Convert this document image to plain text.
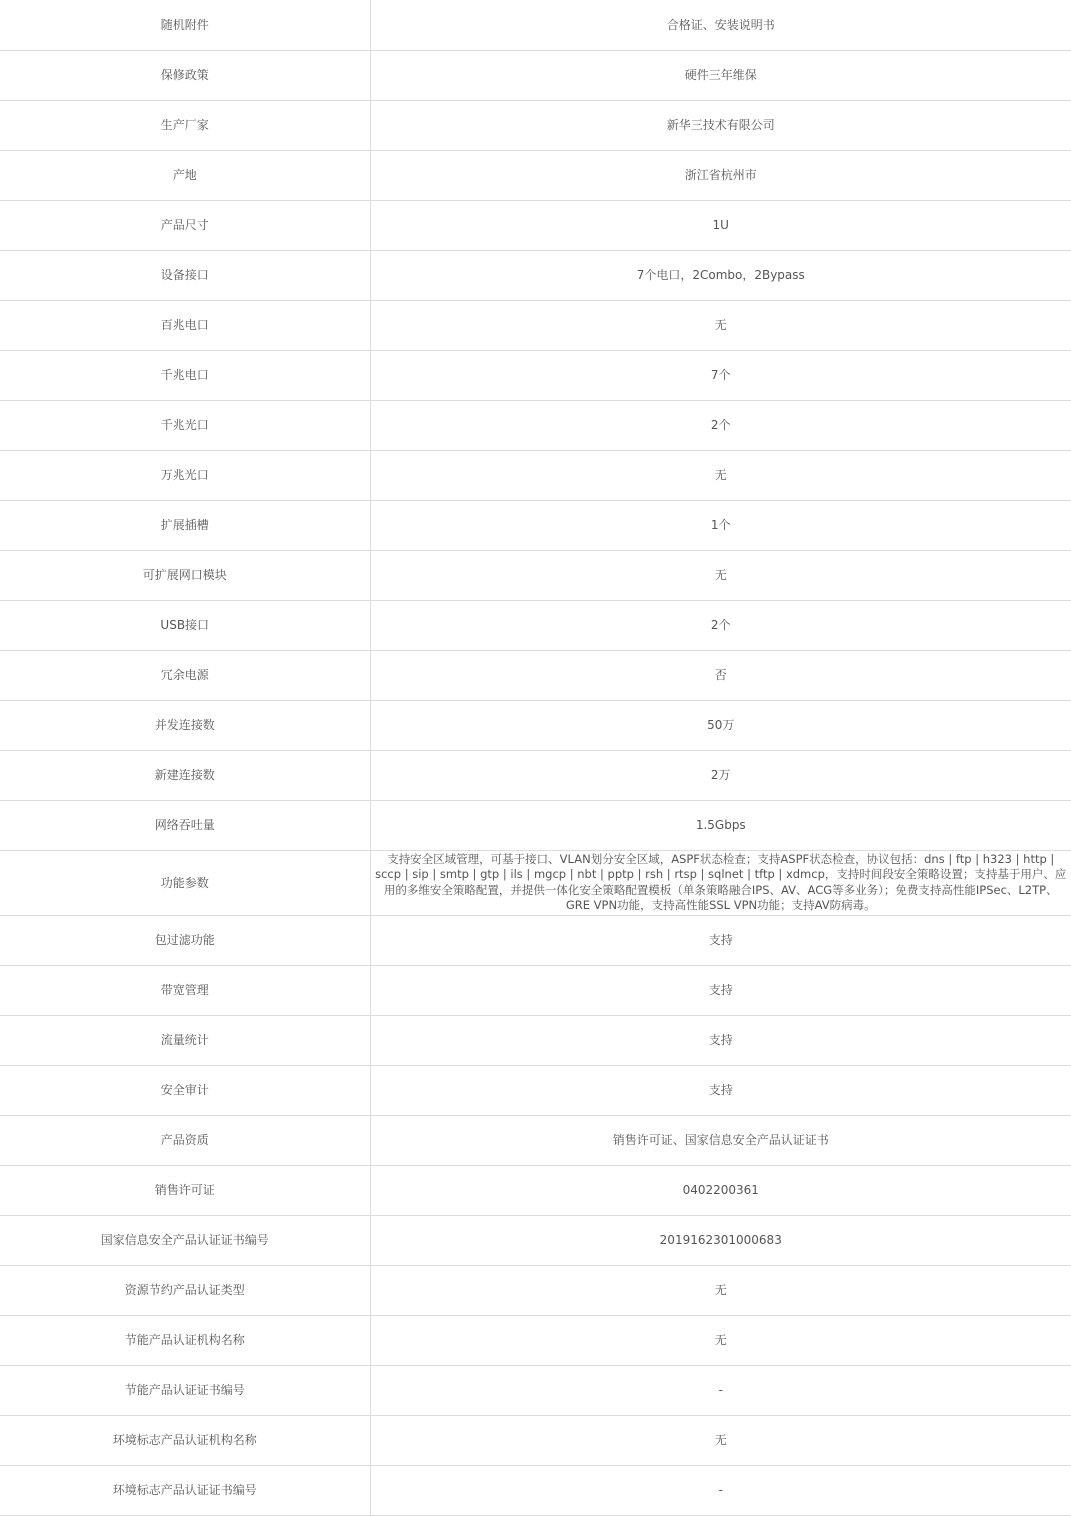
随机附件	合格证、安装说明书
保修政策	硬件三年维保
生产厂家	新华三技术有限公司
产地	浙江省杭州市
产品尺寸	1U
设备接口	7个电口，2Combo，2Bypass
百兆电口	无
千兆电口	7个
千兆光口	2个
万兆光口	无
扩展插槽	1个
可扩展网口模块	无
USB接口	2个
冗余电源	否
并发连接数	50万
新建连接数	2万
网络吞吐量	1.5Gbps
功能参数	支持安全区域管理，可基于接口、VLAN划分安全区域，ASPF状态检查；支持ASPF状态检查，协议包括：dns | ftp | h323 | http | sccp | sip | smtp | gtp | ils | mgcp | nbt | pptp | rsh | rtsp | sqlnet | tftp | xdmcp，支持时间段安全策略设置；支持基于用户、应用的多维安全策略配置，并提供一体化安全策略配置模板（单条策略融合IPS、AV、ACG等多业务）；免费支持高性能IPSec、L2TP、GRE VPN功能，支持高性能SSL VPN功能；支持AV防病毒。
包过滤功能	支持
带宽管理	支持
流量统计	支持
安全审计	支持
产品资质	销售许可证、国家信息安全产品认证证书
销售许可证	0402200361
国家信息安全产品认证证书编号	2019162301000683
资源节约产品认证类型	无
节能产品认证机构名称	无
节能产品认证证书编号	-
环境标志产品认证机构名称	无
环境标志产品认证证书编号	-
